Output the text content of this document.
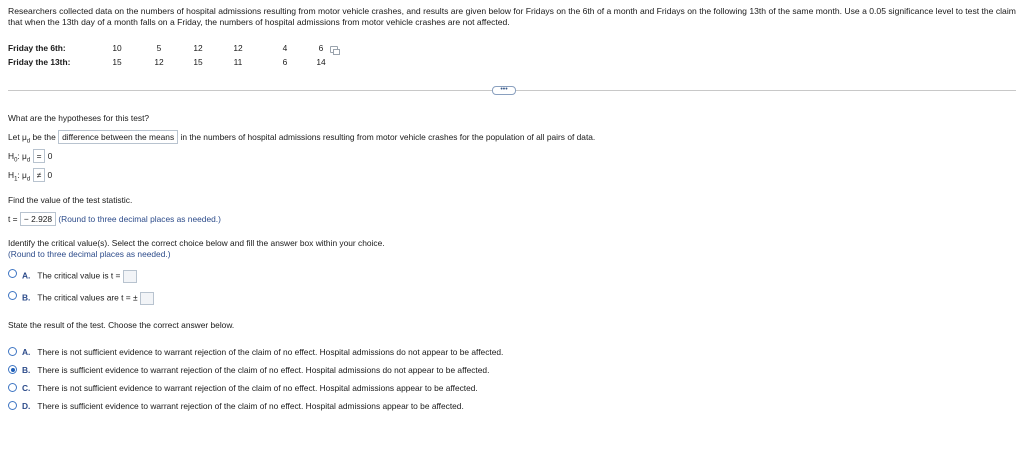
Researchers collected data on the numbers of hospital admissions resulting from motor vehicle crashes, and results are given below for Fridays on the 6th of a month and Fridays on the following 13th of the same month. Use a 0.05 significance level to test the claim that when the 13th day of a month falls on a Friday, the numbers of hospital admissions from motor vehicle crashes are not affected.
Friday the 6th:	10	5	12	12	4	6
Friday the 13th:	15	12	15	11	6	14
•••
What are the hypotheses for this test?
Let $\mu_d$ be the difference between the means in the numbers of hospital admissions resulting from motor vehicle crashes for the population of all pairs of data.
$H_0$: $\mu_d = 0$
$H_1$: $\mu_d \ne 0$
Find the value of the test statistic.
t = − 2.928 (Round to three decimal places as needed.)
Identify the critical value(s). Select the correct choice below and fill the answer box within your choice.
(Round to three decimal places as needed.)
A. The critical value is t =
B. The critical values are t = ±
State the result of the test. Choose the correct answer below.
A. There is not sufficient evidence to warrant rejection of the claim of no effect. Hospital admissions do not appear to be affected.
B. There is sufficient evidence to warrant rejection of the claim of no effect. Hospital admissions do not appear to be affected.
C. There is not sufficient evidence to warrant rejection of the claim of no effect. Hospital admissions appear to be affected.
D. There is sufficient evidence to warrant rejection of the claim of no effect. Hospital admissions appear to be affected.
